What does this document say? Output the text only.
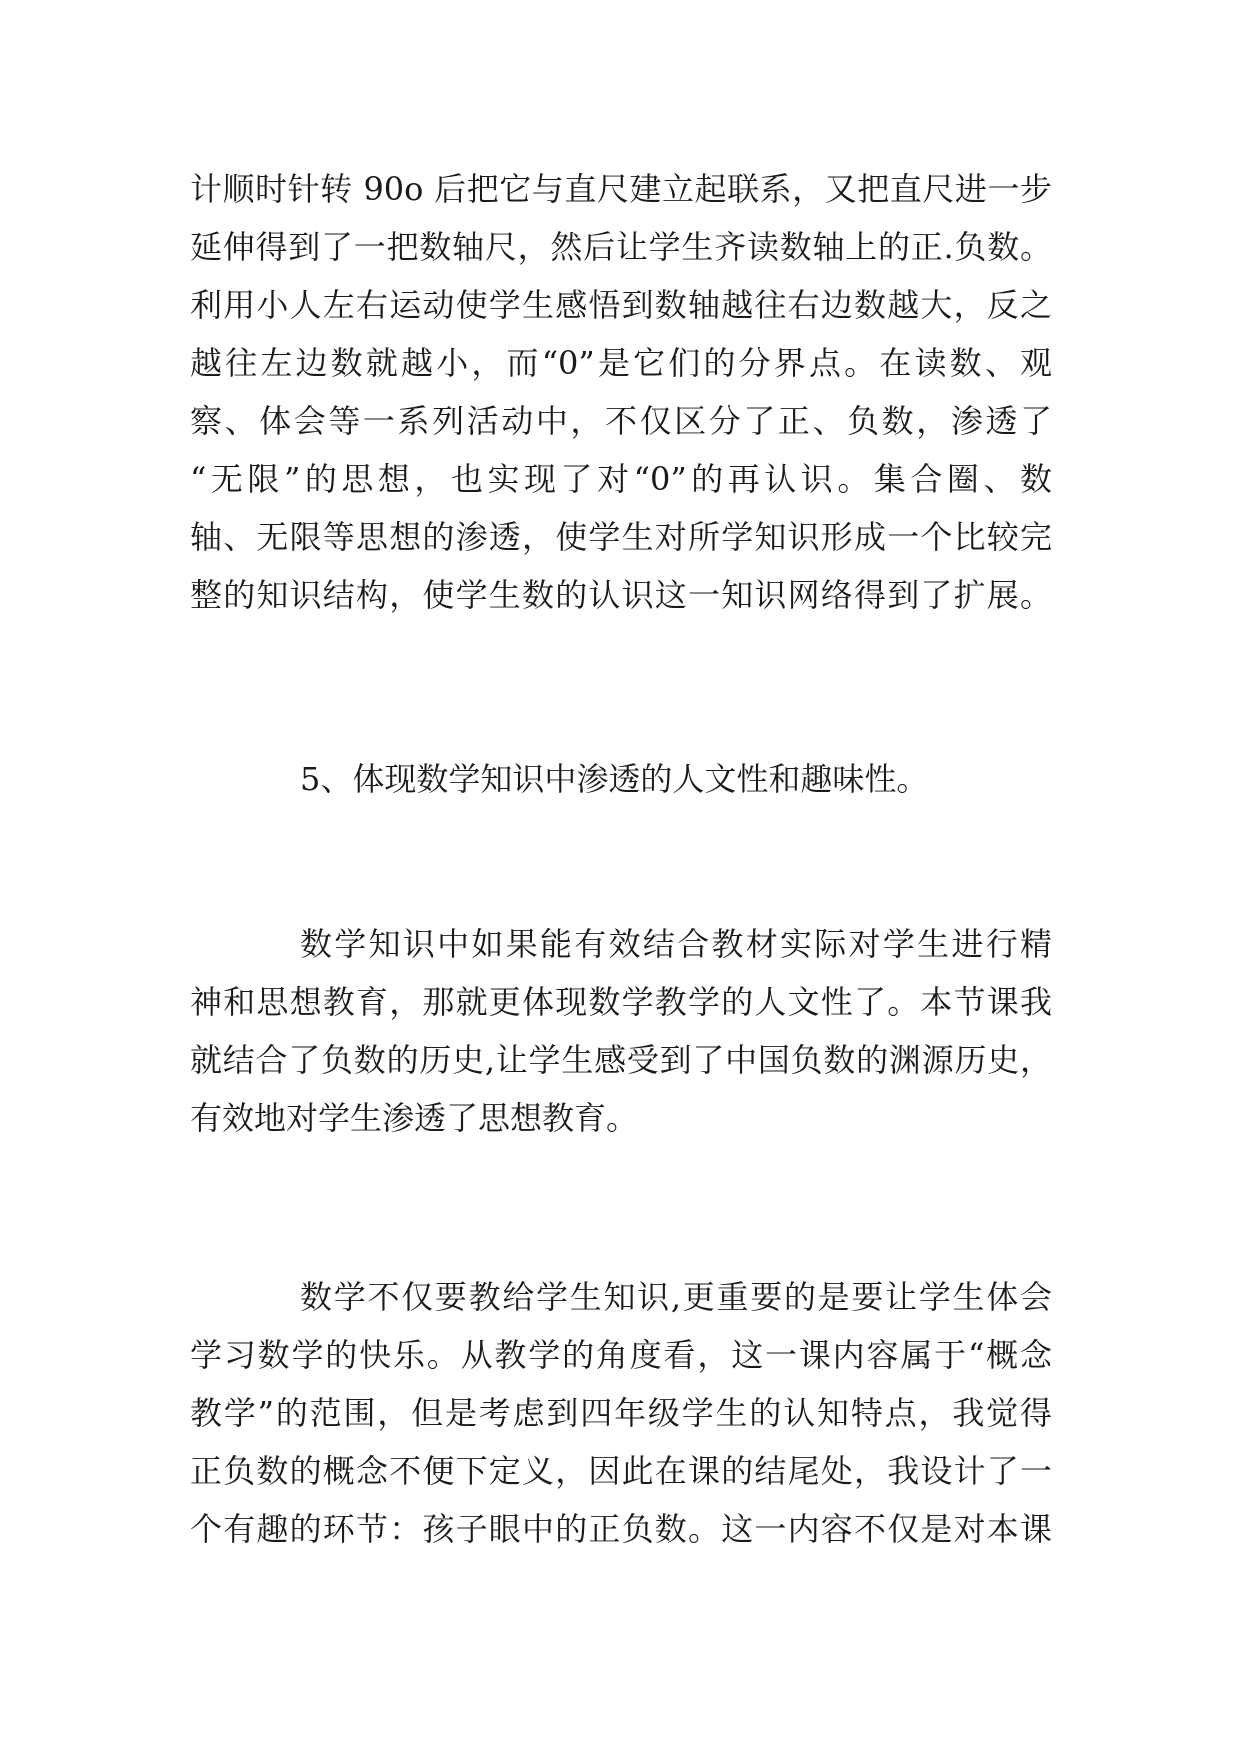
计顺时针转 90o 后把它与直尺建立起联系，又把直尺进一步
延伸得到了一把数轴尺，然后让学生齐读数轴上的正.负数。
利用小人左右运动使学生感悟到数轴越往右边数越大，反之
越往左边数就越小，而“0”是它们的分界点。在读数、观
察、体会等一系列活动中，不仅区分了正、负数，渗透了
“无限”的思想，也实现了对“0”的再认识。集合圈、数
轴、无限等思想的渗透，使学生对所学知识形成一个比较完
整的知识结构，使学生数的认识这一知识网络得到了扩展。
5、体现数学知识中渗透的人文性和趣味性。
数学知识中如果能有效结合教材实际对学生进行精
神和思想教育，那就更体现数学教学的人文性了。本节课我
就结合了负数的历史,让学生感受到了中国负数的渊源历史，
有效地对学生渗透了思想教育。
数学不仅要教给学生知识,更重要的是要让学生体会
学习数学的快乐。从教学的角度看，这一课内容属于“概念
教学”的范围，但是考虑到四年级学生的认知特点，我觉得
正负数的概念不便下定义，因此在课的结尾处，我设计了一
个有趣的环节：孩子眼中的正负数。这一内容不仅是对本课
